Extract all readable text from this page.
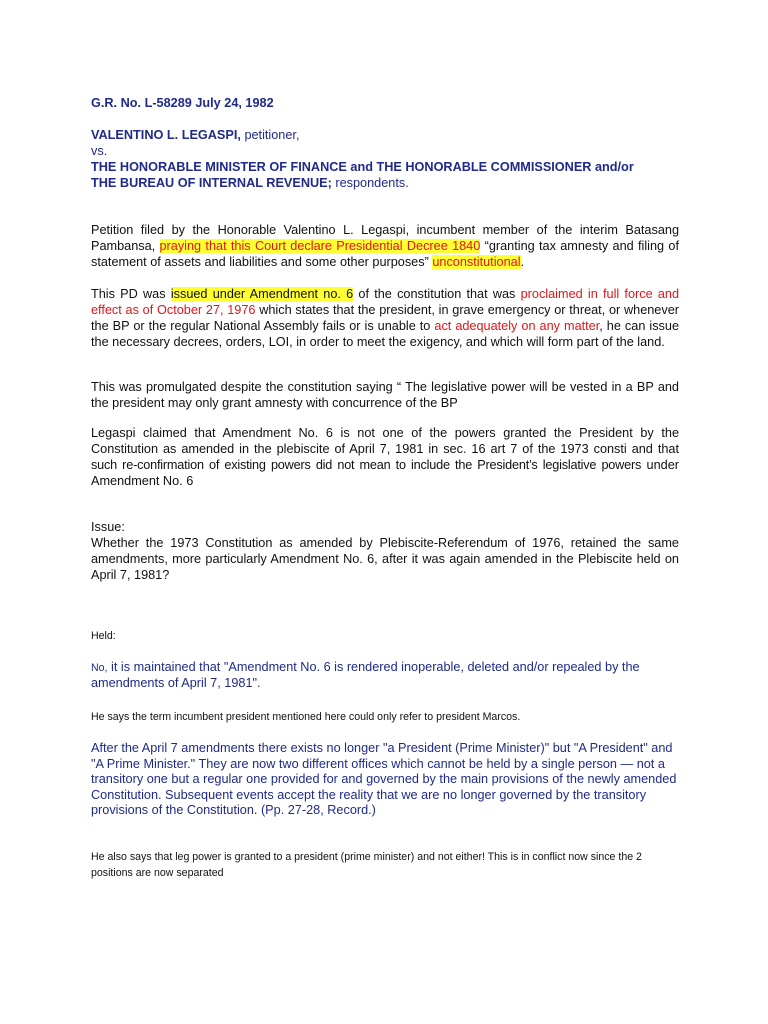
G.R. No. L-58289 July 24, 1982

VALENTINO L. LEGASPI, petitioner,
vs.
THE HONORABLE MINISTER OF FINANCE and THE HONORABLE COMMISSIONER and/or
THE BUREAU OF INTERNAL REVENUE; respondents.

Petition filed by the Honorable Valentino L. Legaspi, incumbent member of the interim Batasang Pambansa, praying that this Court declare Presidential Decree 1840 “granting tax amnesty and filing of statement of assets and liabilities and some other purposes” unconstitutional.

This PD was issued under Amendment no. 6 of the constitution that was proclaimed in full force and effect as of October 27, 1976 which states that the president, in grave emergency or threat, or whenever the BP or the regular National Assembly fails or is unable to act adequately on any matter, he can issue the necessary decrees, orders, LOI, in order to meet the exigency, and which will form part of the land.

This was promulgated despite the constitution saying “ The legislative power will be vested in a BP and the president may only grant amnesty with concurrence of the BP

Legaspi claimed that Amendment No. 6 is not one of the powers granted the President by the Constitution as amended in the plebiscite of April 7, 1981 in sec. 16 art 7 of the 1973 consti and that such re-confirmation of existing powers did not mean to include the President’s legislative powers under Amendment No. 6

Issue:

Whether the 1973 Constitution as amended by Plebiscite-Referendum of 1976, retained the same amendments, more particularly Amendment No. 6, after it was again amended in the Plebiscite held on April 7, 1981?

Held:

No, it is maintained that "Amendment No. 6 is rendered inoperable, deleted and/or repealed by the amendments of April 7, 1981".

He says the term incumbent president mentioned here could only refer to president Marcos.

After the April 7 amendments there exists no longer "a President (Prime Minister)" but "A President" and "A Prime Minister." They are now two different offices which cannot be held by a single person — not a transitory one but a regular one provided for and governed by the main provisions of the newly amended Constitution. Subsequent events accept the reality that we are no longer governed by the transitory provisions of the Constitution. (Pp. 27-28, Record.)

He also says that leg power is granted to a president (prime minister) and not either! This is in conflict now since the 2 positions are now separated
